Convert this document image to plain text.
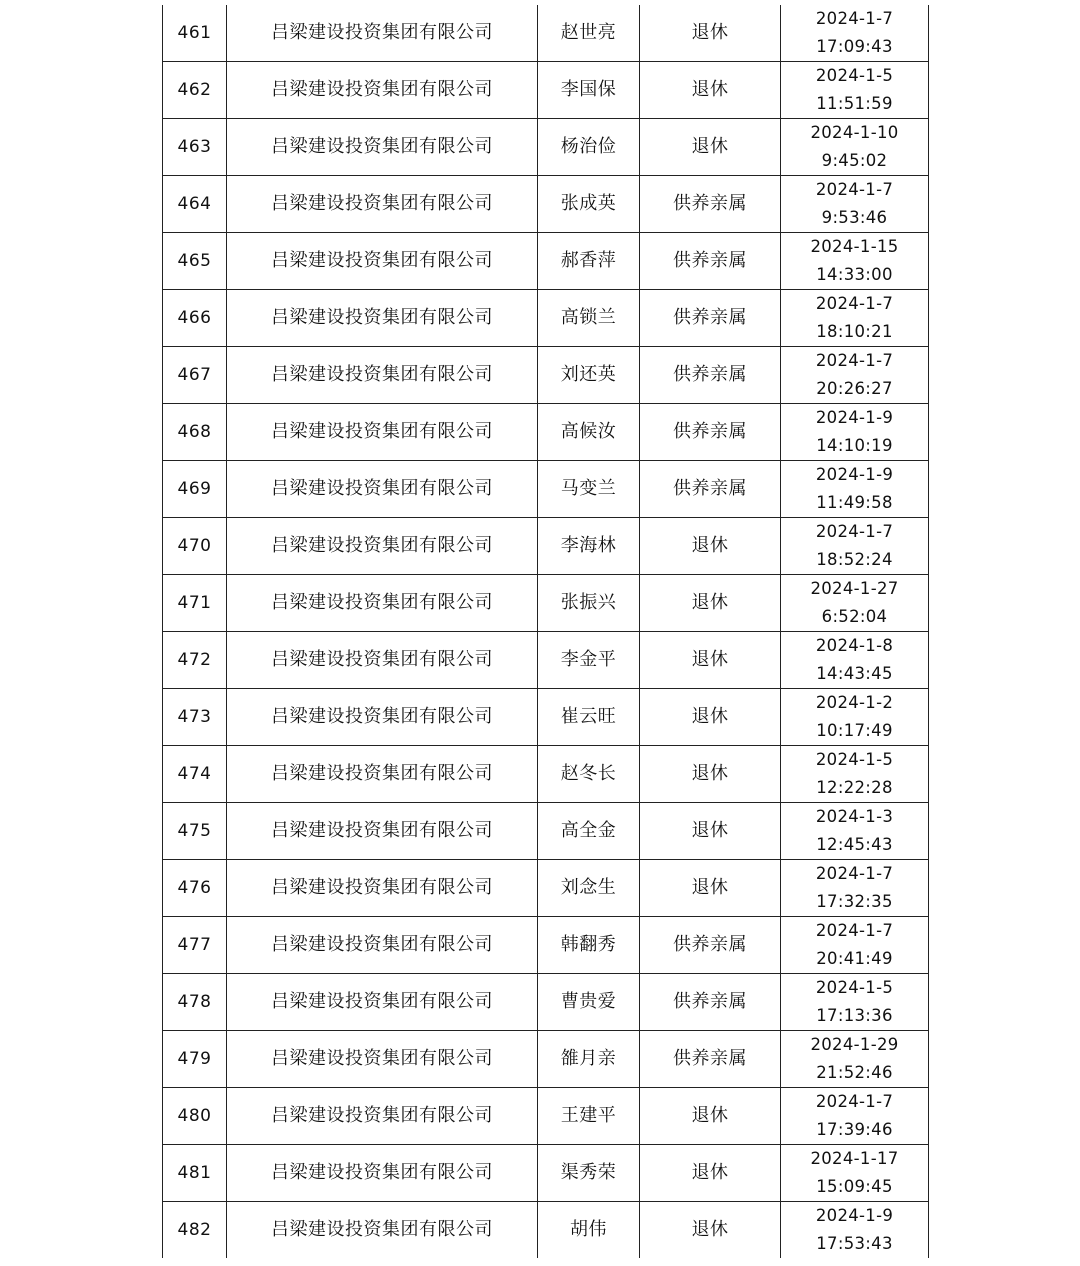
461	吕梁建设投资集团有限公司	赵世亮	退休	2024-1-7
17:09:43

462	吕梁建设投资集团有限公司	李国保	退休	2024-1-5
11:51:59

463	吕梁建设投资集团有限公司	杨治俭	退休	2024-1-10
9:45:02

464	吕梁建设投资集团有限公司	张成英	供养亲属	2024-1-7
9:53:46

465	吕梁建设投资集团有限公司	郝香萍	供养亲属	2024-1-15
14:33:00

466	吕梁建设投资集团有限公司	高锁兰	供养亲属	2024-1-7
18:10:21

467	吕梁建设投资集团有限公司	刘还英	供养亲属	2024-1-7
20:26:27

468	吕梁建设投资集团有限公司	高候汝	供养亲属	2024-1-9
14:10:19

469	吕梁建设投资集团有限公司	马变兰	供养亲属	2024-1-9
11:49:58

470	吕梁建设投资集团有限公司	李海林	退休	2024-1-7
18:52:24

471	吕梁建设投资集团有限公司	张振兴	退休	2024-1-27
6:52:04

472	吕梁建设投资集团有限公司	李金平	退休	2024-1-8
14:43:45

473	吕梁建设投资集团有限公司	崔云旺	退休	2024-1-2
10:17:49

474	吕梁建设投资集团有限公司	赵冬长	退休	2024-1-5
12:22:28

475	吕梁建设投资集团有限公司	高全金	退休	2024-1-3
12:45:43

476	吕梁建设投资集团有限公司	刘念生	退休	2024-1-7
17:32:35

477	吕梁建设投资集团有限公司	韩翻秀	供养亲属	2024-1-7
20:41:49

478	吕梁建设投资集团有限公司	曹贵爱	供养亲属	2024-1-5
17:13:36

479	吕梁建设投资集团有限公司	雒月亲	供养亲属	2024-1-29
21:52:46

480	吕梁建设投资集团有限公司	王建平	退休	2024-1-7
17:39:46

481	吕梁建设投资集团有限公司	渠秀荣	退休	2024-1-17
15:09:45

482	吕梁建设投资集团有限公司	胡伟	退休	2024-1-9
17:53:43
